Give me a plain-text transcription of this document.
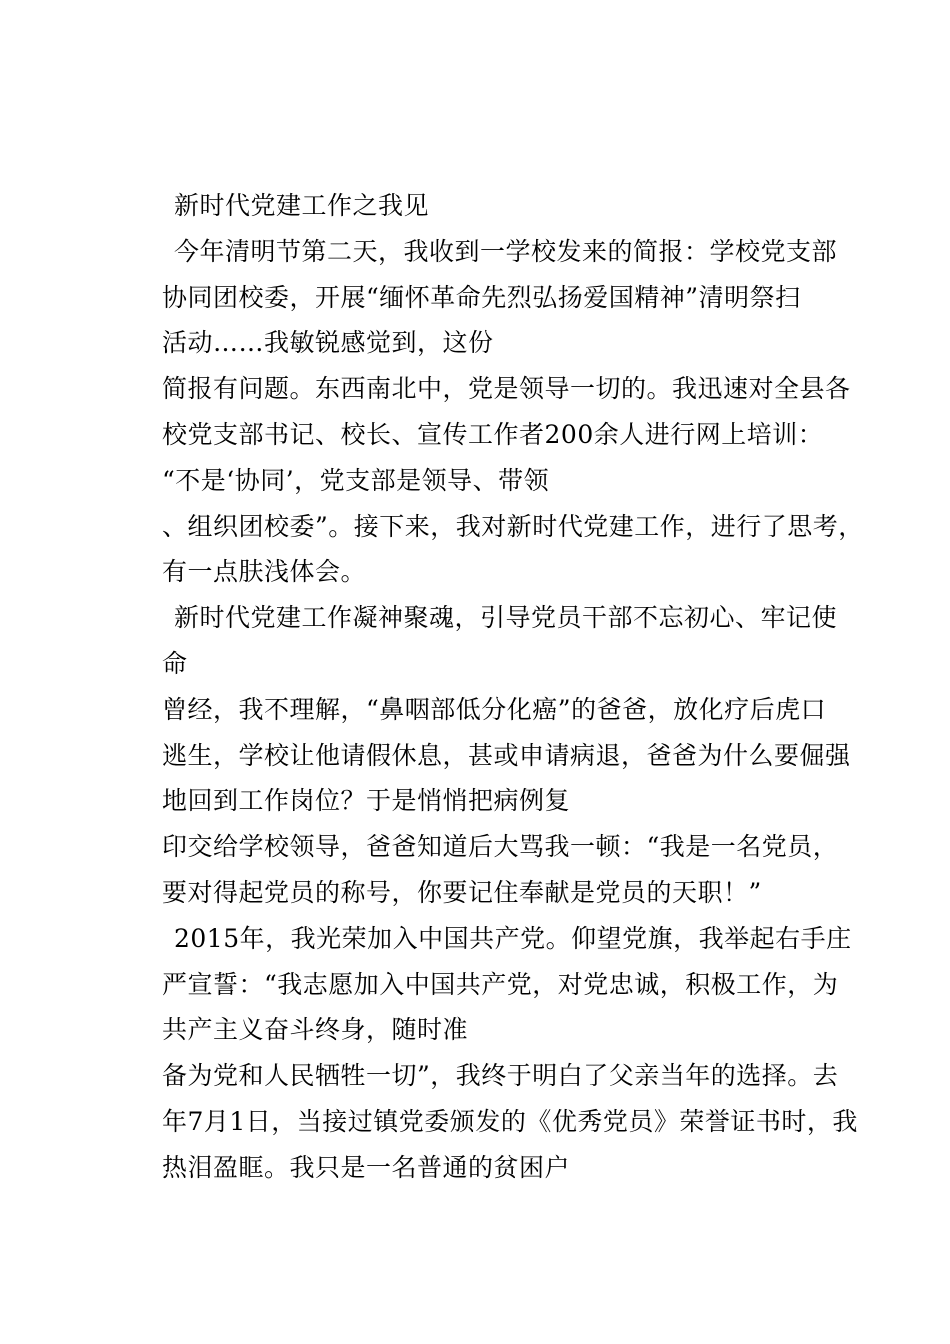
新时代党建工作之我见
今年清明节第二天，我收到一学校发来的简报：学校党支部
协同团校委，开展“缅怀革命先烈弘扬爱国精神”清明祭扫
活动……我敏锐感觉到，这份
简报有问题。东西南北中，党是领导一切的。我迅速对全县各
校党支部书记、校长、宣传工作者200余人进行网上培训：
“不是‘协同’，党支部是领导、带领
、组织团校委”。接下来，我对新时代党建工作，进行了思考，
有一点肤浅体会。
新时代党建工作凝神聚魂，引导党员干部不忘初心、牢记使
命
曾经，我不理解，“鼻咽部低分化癌”的爸爸，放化疗后虎口
逃生，学校让他请假休息，甚或申请病退，爸爸为什么要倔强
地回到工作岗位？于是悄悄把病例复
印交给学校领导，爸爸知道后大骂我一顿：“我是一名党员，
要对得起党员的称号，你要记住奉献是党员的天职！”
2015年，我光荣加入中国共产党。仰望党旗，我举起右手庄
严宣誓：“我志愿加入中国共产党，对党忠诚，积极工作，为
共产主义奋斗终身，随时准
备为党和人民牺牲一切”，我终于明白了父亲当年的选择。去
年7月1日，当接过镇党委颁发的《优秀党员》荣誉证书时，我
热泪盈眶。我只是一名普通的贫困户
